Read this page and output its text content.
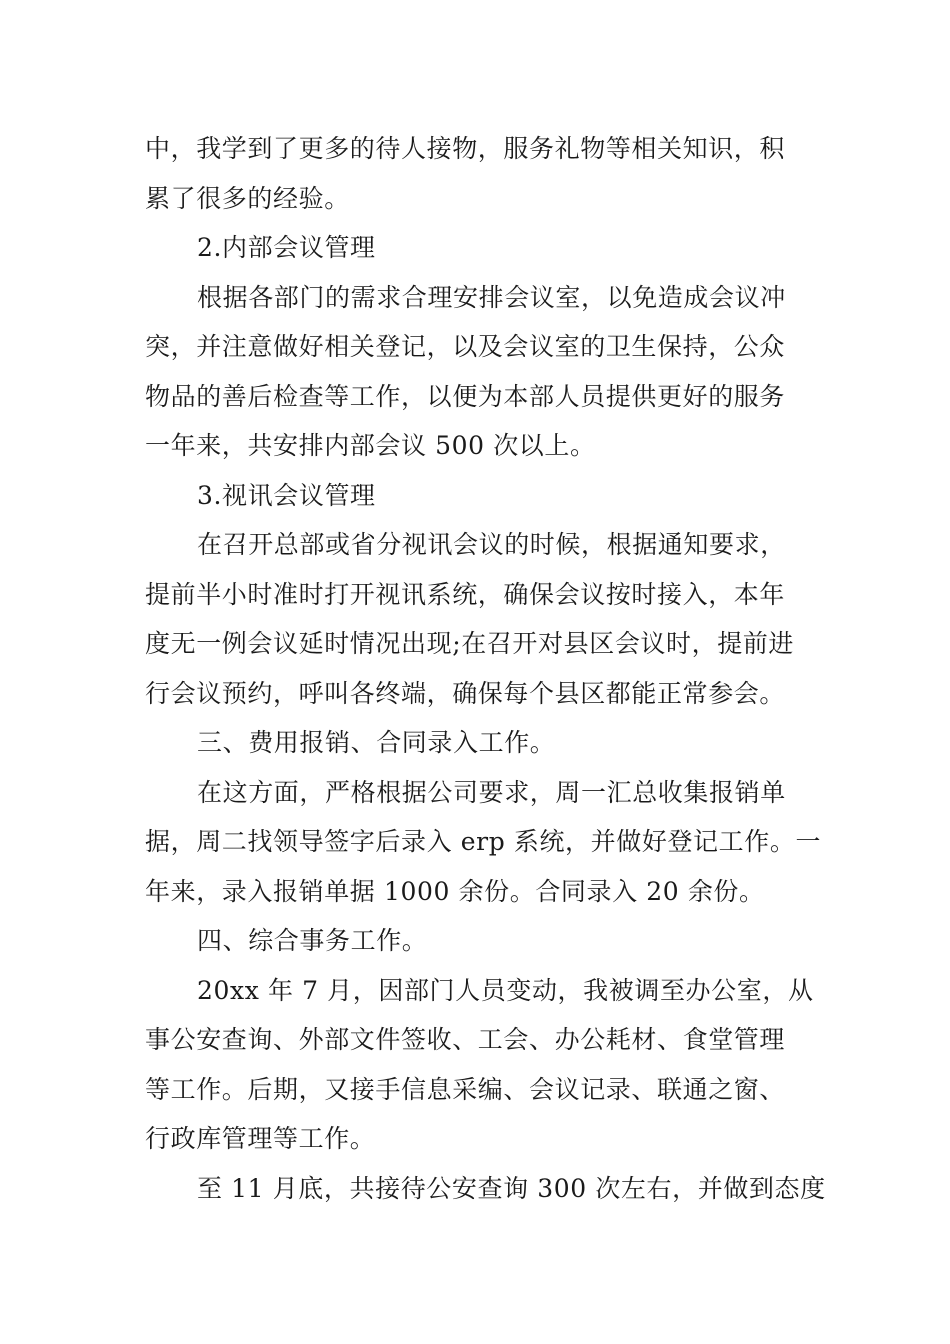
中，我学到了更多的待人接物，服务礼物等相关知识，积
累了很多的经验。
2.内部会议管理
根据各部门的需求合理安排会议室，以免造成会议冲
突，并注意做好相关登记，以及会议室的卫生保持，公众
物品的善后检查等工作，以便为本部人员提供更好的服务
一年来，共安排内部会议 500 次以上。
3.视讯会议管理
在召开总部或省分视讯会议的时候，根据通知要求，
提前半小时准时打开视讯系统，确保会议按时接入，本年
度无一例会议延时情况出现;在召开对县区会议时，提前进
行会议预约，呼叫各终端，确保每个县区都能正常参会。
三、费用报销、合同录入工作。
在这方面，严格根据公司要求，周一汇总收集报销单
据，周二找领导签字后录入 erp 系统，并做好登记工作。一
年来，录入报销单据 1000 余份。合同录入 20 余份。
四、综合事务工作。
20xx 年 7 月，因部门人员变动，我被调至办公室，从
事公安查询、外部文件签收、工会、办公耗材、食堂管理
等工作。后期，又接手信息采编、会议记录、联通之窗、
行政库管理等工作。
至 11 月底，共接待公安查询 300 次左右，并做到态度
